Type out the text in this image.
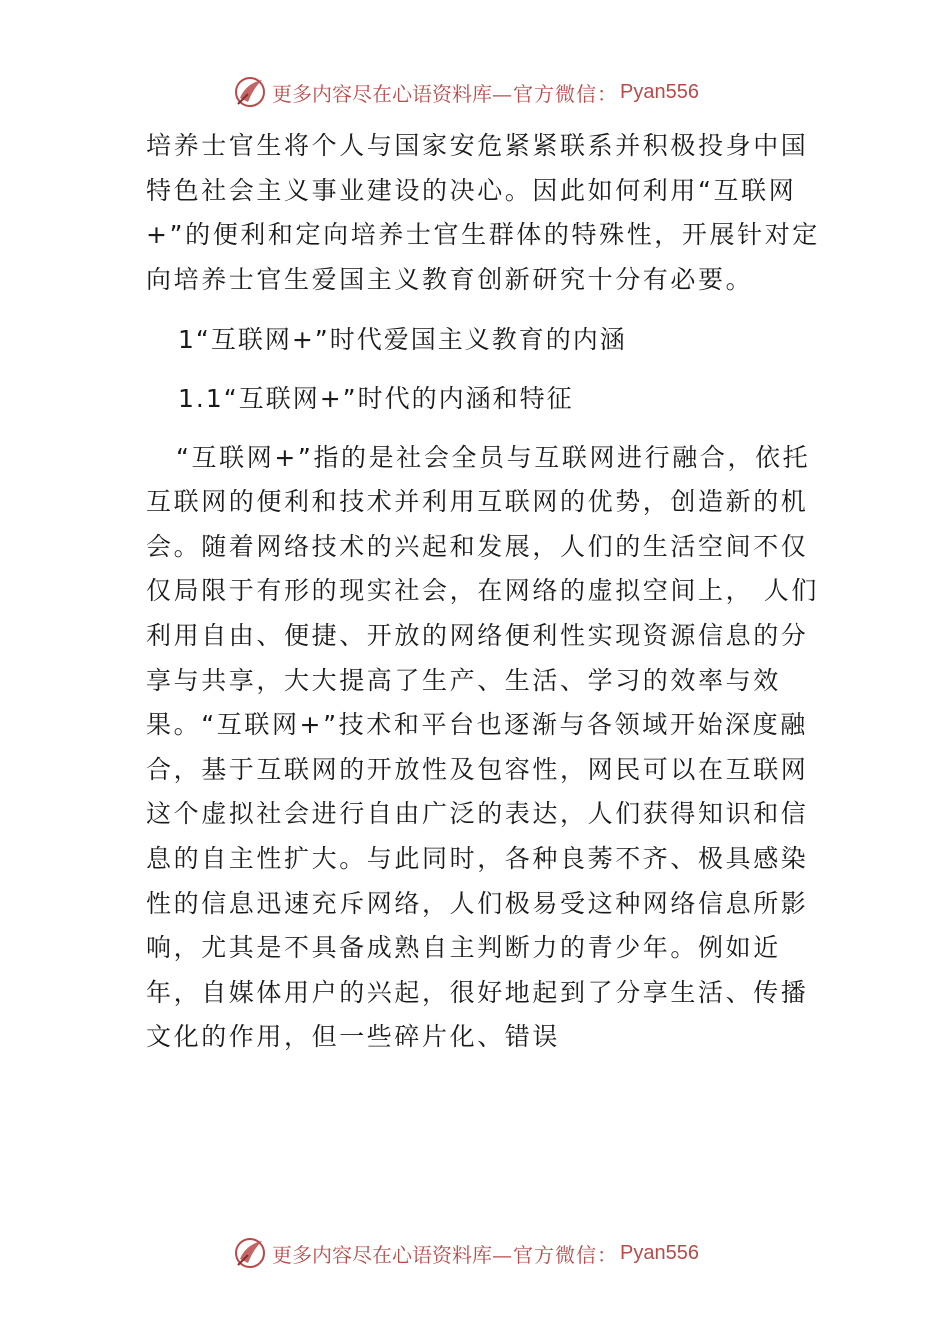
更多内容尽在心语资料库 —官方微信： Pyan556

培养士官生将个人与国家安危紧紧联系并积极投身中国特色社会主义事业建设的决心。因此如何利用“互联网+”的便利和定向培养士官生群体的特殊性，开展针对定向培养士官生爱国主义教育创新研究十分有必要。

1“互联网+”时代爱国主义教育的内涵

1.1“互联网+”时代的内涵和特征

“互联网+”指的是社会全员与互联网进行融合，依托互联网的便利和技术并利用互联网的优势，创造新的机会。随着网络技术的兴起和发展，人们的生活空间不仅仅局限于有形的现实社会，在网络的虚拟空间上， 人们利用自由、便捷、开放的网络便利性实现资源信息的分享与共享，大大提高了生产、生活、学习的效率与效果。“互联网+”技术和平台也逐渐与各领域开始深度融合，基于互联网的开放性及包容性，网民可以在互联网这个虚拟社会进行自由广泛的表达，人们获得知识和信息的自主性扩大。与此同时，各种良莠不齐、极具感染性的信息迅速充斥网络，人们极易受这种网络信息所影响，尤其是不具备成熟自主判断力的青少年。例如近年，自媒体用户的兴起，很好地起到了分享生活、传播文化的作用，但一些碎片化、错误

更多内容尽在心语资料库 —官方微信： Pyan556
